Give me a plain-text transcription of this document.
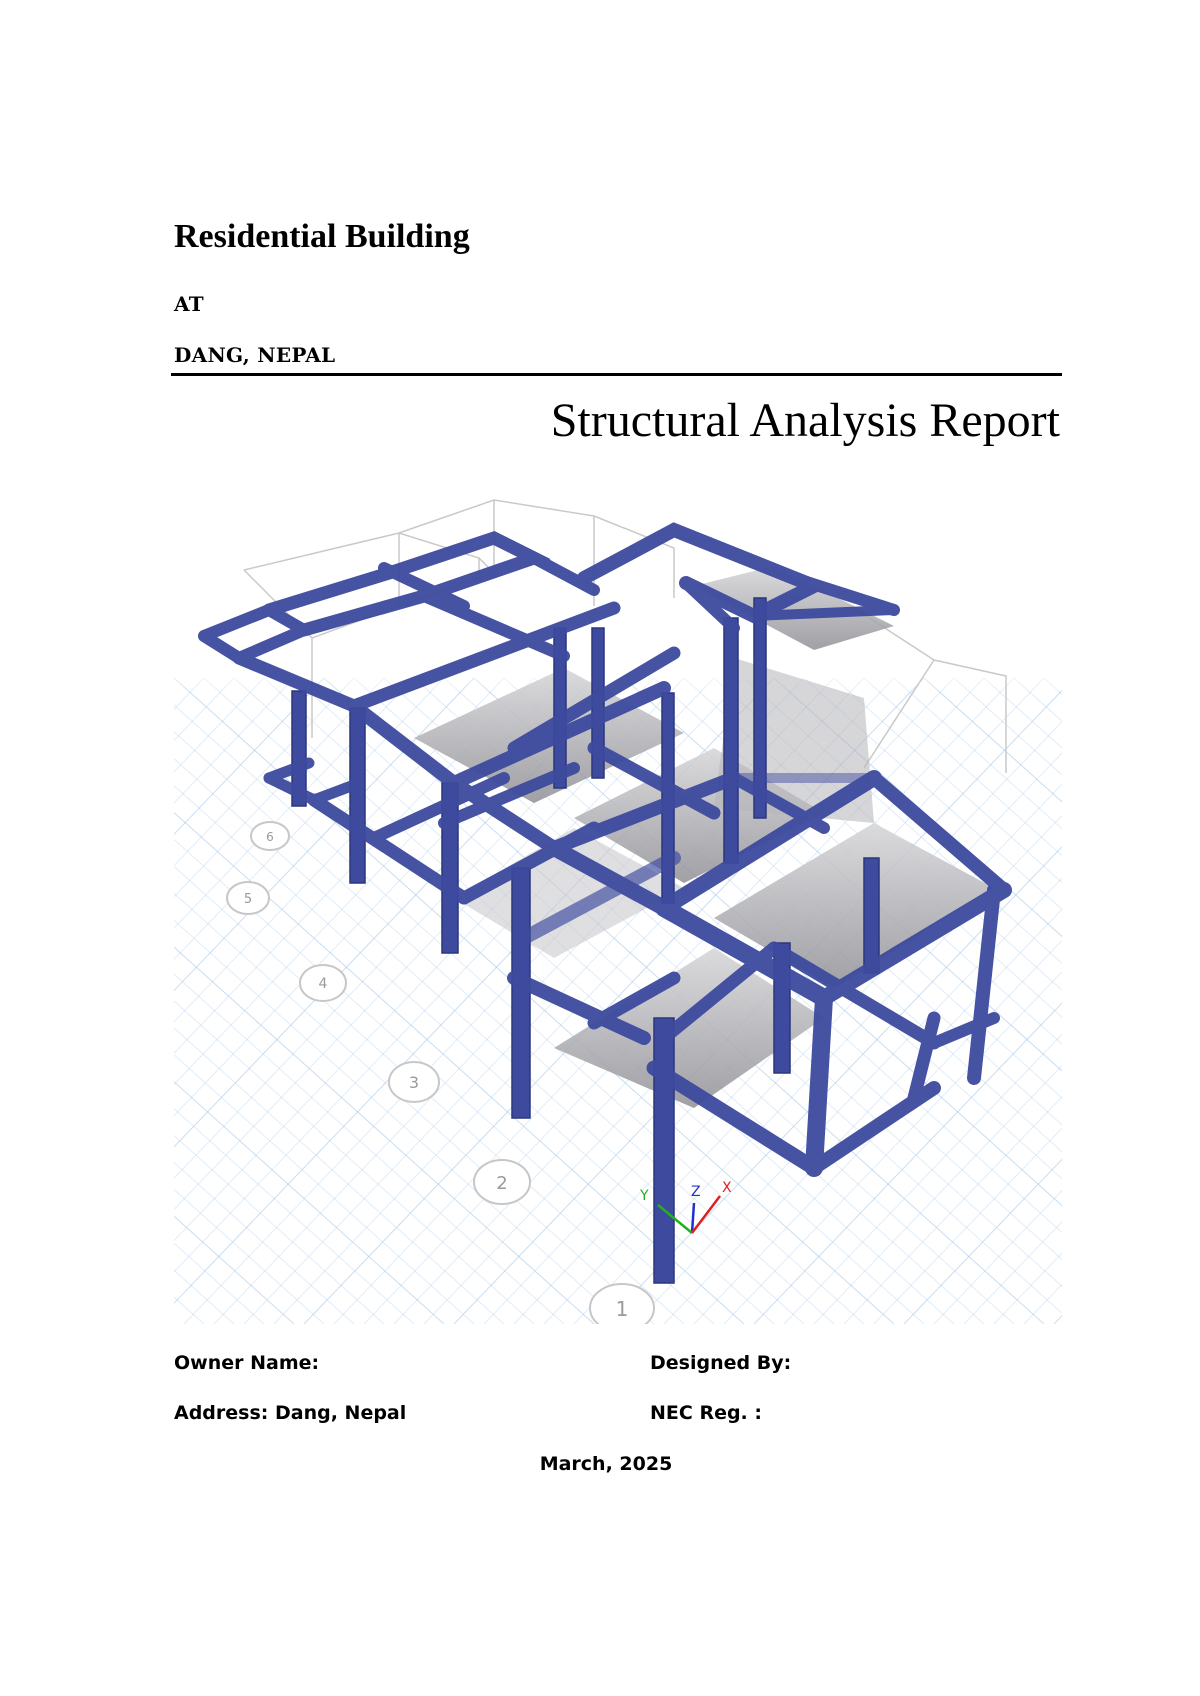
Residential Building

AT

DANG, NEPAL

Structural Analysis Report
1
2
3
4
5
6
Z
Y	X

Owner Name:

Address: Dang, Nepal

Designed By:

NEC Reg. :

March, 2025
